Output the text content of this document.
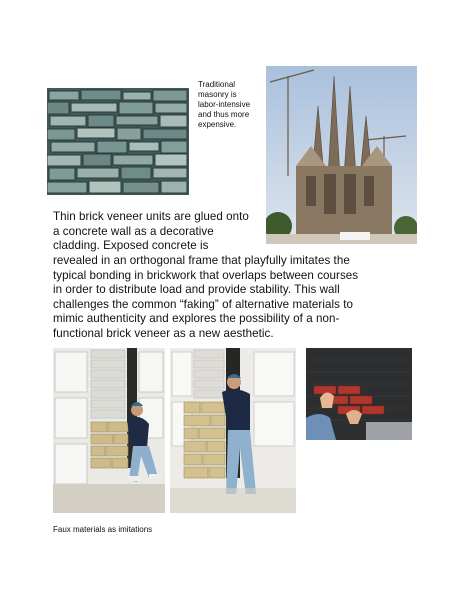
Traditional
masonry is
labor-intensive
and thus more
expensive.
Thin brick veneer units are glued onto
a concrete wall as a decorative
cladding. Exposed concrete is
revealed in an orthogonal frame that playfully imitates the
typical bonding in brickwork that overlaps between courses
in order to distribute load and provide stability. This wall
challenges the common “faking” of alternative materials to
mimic authenticity and explores the possibility of a non-
functional brick veneer as a new aesthetic.
Faux materials as imitations
